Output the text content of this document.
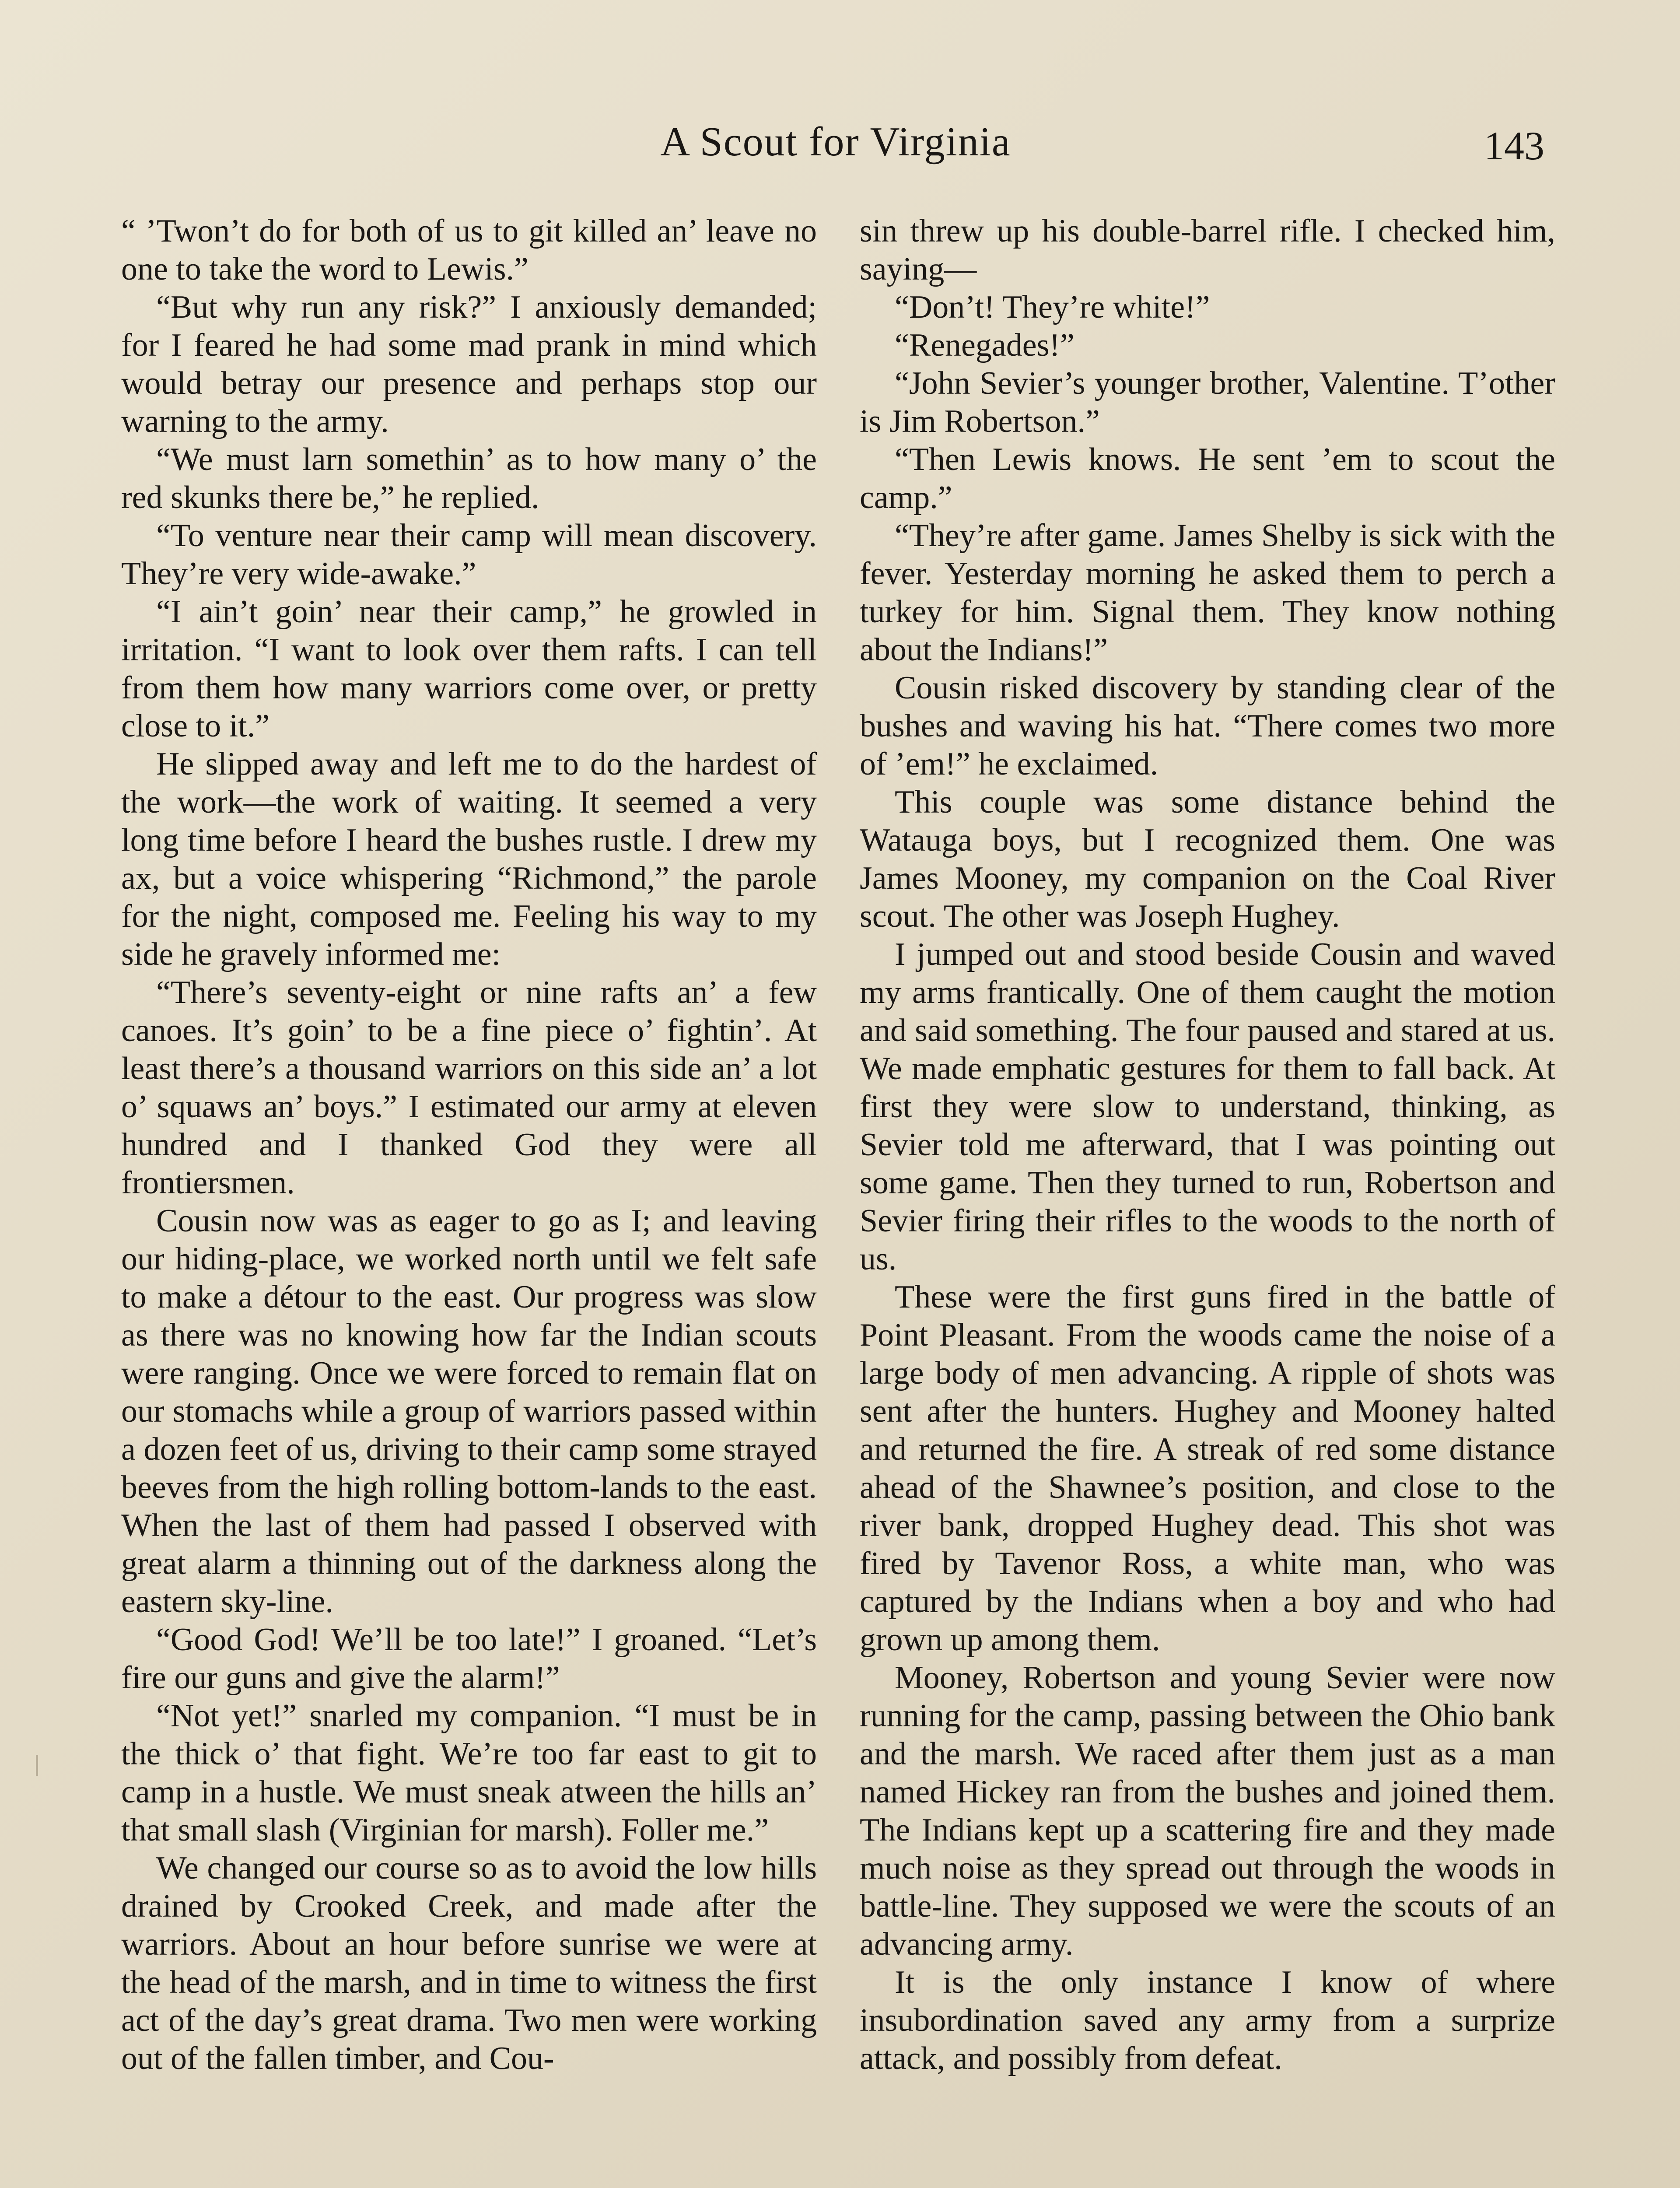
A Scout for Virginia	143

“ ’Twon’t do for both of us to git killed an’ leave no one to take the word to Lewis.”

“But why run any risk?” I anxiously demanded; for I feared he had some mad prank in mind which would betray our presence and perhaps stop our warning to the army.

“We must larn somethin’ as to how many o’ the red skunks there be,” he replied.

“To venture near their camp will mean discovery. They’re very wide-awake.”

“I ain’t goin’ near their camp,” he growled in irritation. “I want to look over them rafts. I can tell from them how many warriors come over, or pretty close to it.”

He slipped away and left me to do the hardest of the work—the work of waiting. It seemed a very long time before I heard the bushes rustle. I drew my ax, but a voice whispering “Richmond,” the parole for the night, composed me. Feeling his way to my side he gravely informed me:

“There’s seventy-eight or nine rafts an’ a few canoes. It’s goin’ to be a fine piece o’ fightin’. At least there’s a thousand warriors on this side an’ a lot o’ squaws an’ boys.” I estimated our army at eleven hundred and I thanked God they were all frontiersmen.

Cousin now was as eager to go as I; and leaving our hiding-place, we worked north until we felt safe to make a détour to the east. Our progress was slow as there was no knowing how far the Indian scouts were ranging. Once we were forced to remain flat on our stomachs while a group of warriors passed within a dozen feet of us, driving to their camp some strayed beeves from the high rolling bottom-lands to the east. When the last of them had passed I observed with great alarm a thinning out of the darkness along the eastern sky-line.

“Good God! We’ll be too late!” I groaned. “Let’s fire our guns and give the alarm!”

“Not yet!” snarled my companion. “I must be in the thick o’ that fight. We’re too far east to git to camp in a hustle. We must sneak atween the hills an’ that small slash (Virginian for marsh). Foller me.”

We changed our course so as to avoid the low hills drained by Crooked Creek, and made after the warriors. About an hour before sunrise we were at the head of the marsh, and in time to witness the first act of the day’s great drama. Two men were working out of the fallen timber, and Cou-

sin threw up his double-barrel rifle. I checked him, saying—

“Don’t! They’re white!”

“Renegades!”

“John Sevier’s younger brother, Valentine. T’other is Jim Robertson.”

“Then Lewis knows. He sent ’em to scout the camp.”

“They’re after game. James Shelby is sick with the fever. Yesterday morning he asked them to perch a turkey for him. Signal them. They know nothing about the Indians!”

Cousin risked discovery by standing clear of the bushes and waving his hat. “There comes two more of ’em!” he exclaimed.

This couple was some distance behind the Watauga boys, but I recognized them. One was James Mooney, my companion on the Coal River scout. The other was Joseph Hughey.

I jumped out and stood beside Cousin and waved my arms frantically. One of them caught the motion and said something. The four paused and stared at us. We made emphatic gestures for them to fall back. At first they were slow to understand, thinking, as Sevier told me afterward, that I was pointing out some game. Then they turned to run, Robertson and Sevier firing their rifles to the woods to the north of us.

These were the first guns fired in the battle of Point Pleasant. From the woods came the noise of a large body of men advancing. A ripple of shots was sent after the hunters. Hughey and Mooney halted and returned the fire. A streak of red some distance ahead of the Shawnee’s position, and close to the river bank, dropped Hughey dead. This shot was fired by Tavenor Ross, a white man, who was captured by the Indians when a boy and who had grown up among them.

Mooney, Robertson and young Sevier were now running for the camp, passing between the Ohio bank and the marsh. We raced after them just as a man named Hickey ran from the bushes and joined them. The Indians kept up a scattering fire and they made much noise as they spread out through the woods in battle-line. They supposed we were the scouts of an advancing army.

It is the only instance I know of where insubordination saved any army from a surprize attack, and possibly from defeat.
